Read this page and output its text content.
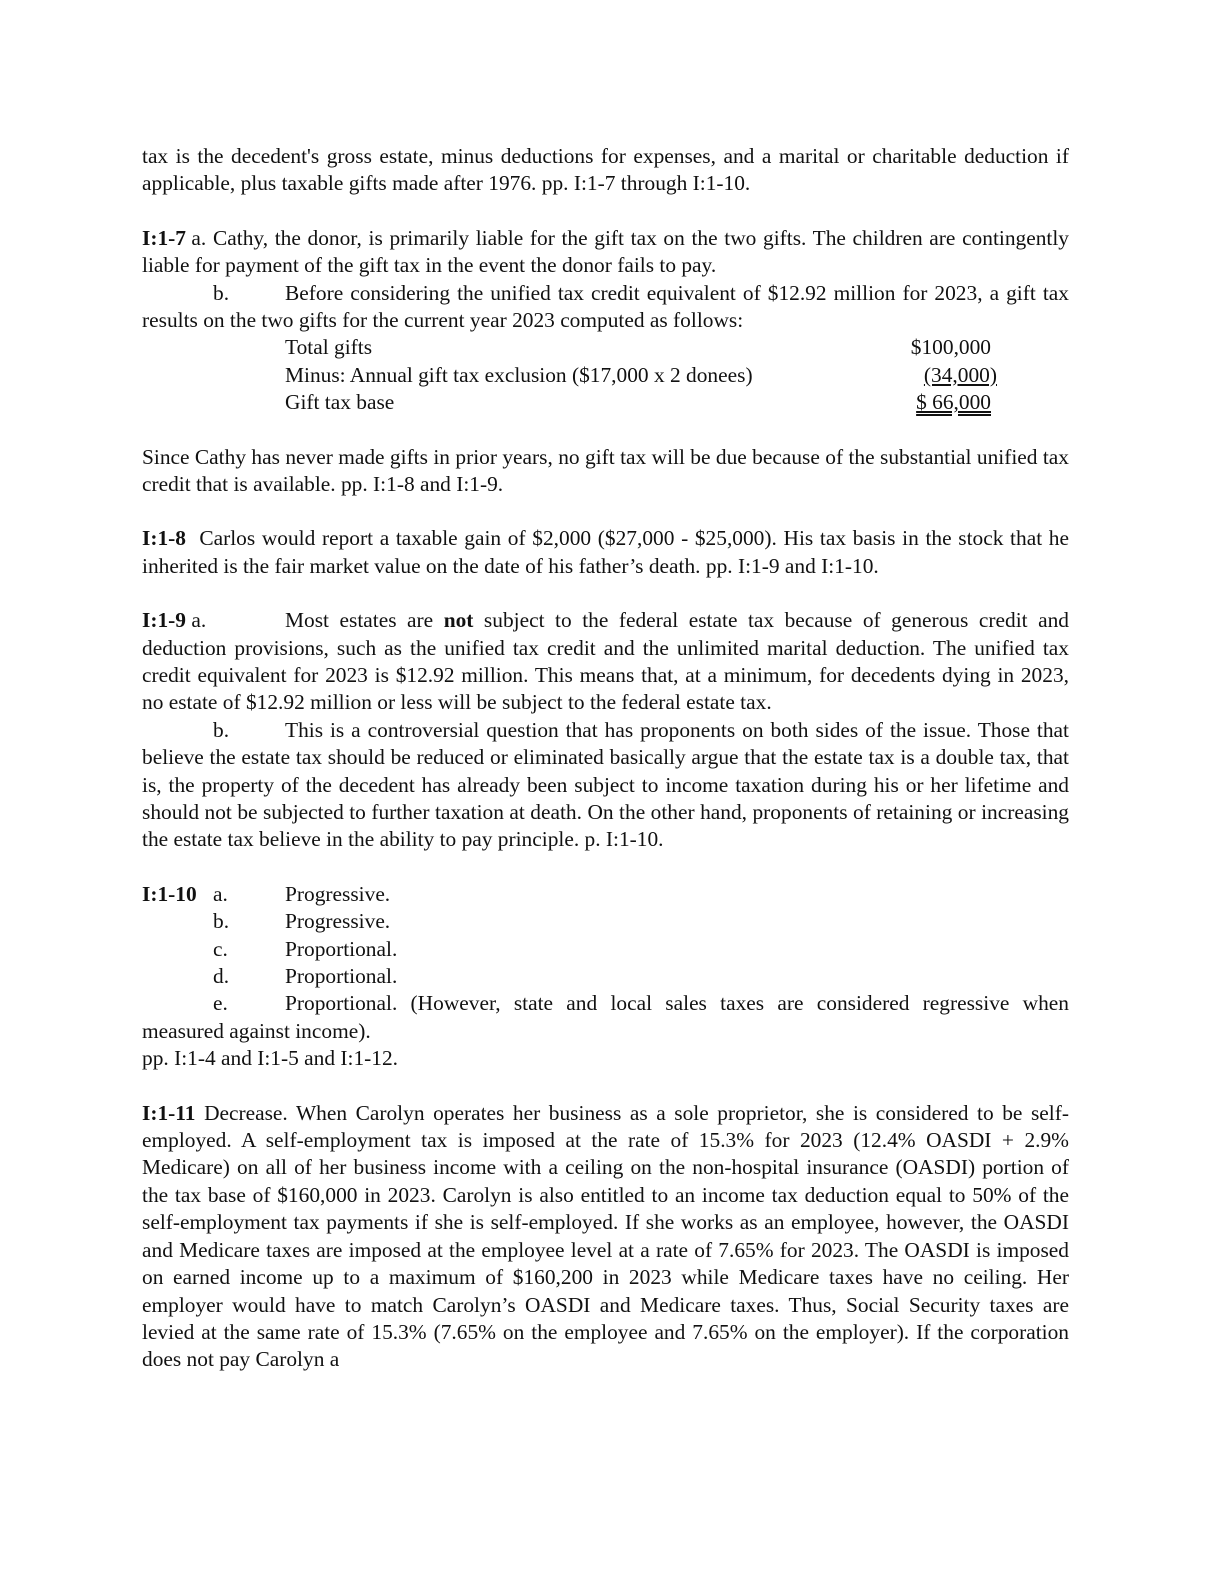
tax is the decedent's gross estate, minus deductions for expenses, and a marital or charitable deduction if applicable, plus taxable gifts made after 1976. pp. I:1-7 through I:1-10.

I:1-7 a. Cathy, the donor, is primarily liable for the gift tax on the two gifts. The children are contingently liable for payment of the gift tax in the event the donor fails to pay.

b.	Before considering the unified tax credit equivalent of $12.92 million for 2023, a gift tax results on the two gifts for the current year 2023 computed as follows:

Total gifts	$100,000
Minus: Annual gift tax exclusion ($17,000 x 2 donees)	(34,000)
Gift tax base	$ 66,000

Since Cathy has never made gifts in prior years, no gift tax will be due because of the substantial unified tax credit that is available. pp. I:1-8 and I:1-9.

I:1-8 Carlos would report a taxable gain of $2,000 ($27,000 - $25,000). His tax basis in the stock that he inherited is the fair market value on the date of his father’s death. pp. I:1-9 and I:1-10.

I:1-9 a.	Most estates are not subject to the federal estate tax because of generous credit and deduction provisions, such as the unified tax credit and the unlimited marital deduction. The unified tax credit equivalent for 2023 is $12.92 million. This means that, at a minimum, for decedents dying in 2023, no estate of $12.92 million or less will be subject to the federal estate tax.

b.	This is a controversial question that has proponents on both sides of the issue. Those that believe the estate tax should be reduced or eliminated basically argue that the estate tax is a double tax, that is, the property of the decedent has already been subject to income taxation during his or her lifetime and should not be subjected to further taxation at death. On the other hand, proponents of retaining or increasing the estate tax believe in the ability to pay principle. p. I:1-10.

I:1-10 a.	Progressive.
b.	Progressive.
c.	Proportional.
d.	Proportional.

e.	Proportional. (However, state and local sales taxes are considered regressive when measured against income).

pp. I:1-4 and I:1-5 and I:1-12.

I:1-11 Decrease. When Carolyn operates her business as a sole proprietor, she is considered to be self-employed. A self-employment tax is imposed at the rate of 15.3% for 2023 (12.4% OASDI + 2.9% Medicare) on all of her business income with a ceiling on the non-hospital insurance (OASDI) portion of the tax base of $160,000 in 2023. Carolyn is also entitled to an income tax deduction equal to 50% of the self-employment tax payments if she is self-employed. If she works as an employee, however, the OASDI and Medicare taxes are imposed at the employee level at a rate of 7.65% for 2023. The OASDI is imposed on earned income up to a maximum of $160,200 in 2023 while Medicare taxes have no ceiling. Her employer would have to match Carolyn’s OASDI and Medicare taxes. Thus, Social Security taxes are levied at the same rate of 15.3% (7.65% on the employee and 7.65% on the employer). If the corporation does not pay Carolyn a
